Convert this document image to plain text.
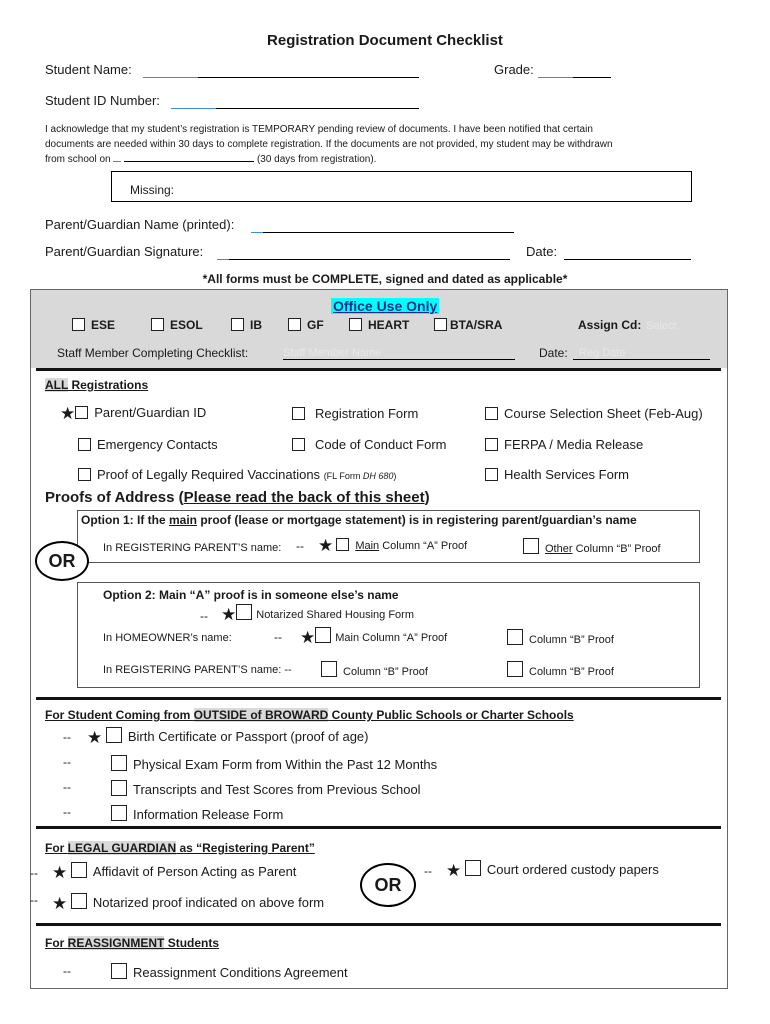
Registration Document Checklist
Student Name:	Grade:
Student ID Number:
I acknowledge that my student’s registration is TEMPORARY pending review of documents. I have been notified that certain
documents are needed within 30 days to complete registration. If the documents are not provided, my student may be withdrawn
from school on	(30 days from registration).
Missing:
Parent/Guardian Name (printed):
Parent/Guardian Signature:	Date:
*All forms must be COMPLETE, signed and dated as applicable*
Office Use Only
ESE	ESOL	IB	GF	HEART	BTA/SRA	Assign Cd: Select
Staff Member Completing Checklist:	Staff Member Name	Date:	Reg Date
ALL Registrations
★ Parent/Guardian ID	Registration Form	Course Selection Sheet (Feb-Aug)
Emergency Contacts	Code of Conduct Form	FERPA / Media Release
Proof of Legally Required Vaccinations (FL Form DH 680)	Health Services Form
Proofs of Address (Please read the back of this sheet)
Option 1: If the main proof (lease or mortgage statement) is in registering parent/guardian’s name
In REGISTERING PARENT’S name: -- ★ Main Column “A” Proof	Other Column “B” Proof
OR
Option 2: Main “A” proof is in someone else’s name
-- ★ Notarized Shared Housing Form
In HOMEOWNER’s name:	-- ★ Main Column “A” Proof	Column “B” Proof
In REGISTERING PARENT’S name: --	Column “B” Proof	Column “B” Proof
For Student Coming from OUTSIDE of BROWARD County Public Schools or Charter Schools
-- ★ Birth Certificate or Passport (proof of age)
--	Physical Exam Form from Within the Past 12 Months
--	Transcripts and Test Scores from Previous School
--	Information Release Form
For LEGAL GUARDIAN as “Registering Parent”
-- ★ Affidavit of Person Acting as Parent
-- ★ Notarized proof indicated on above form
OR
-- ★ Court ordered custody papers
For REASSIGNMENT Students
--	Reassignment Conditions Agreement
